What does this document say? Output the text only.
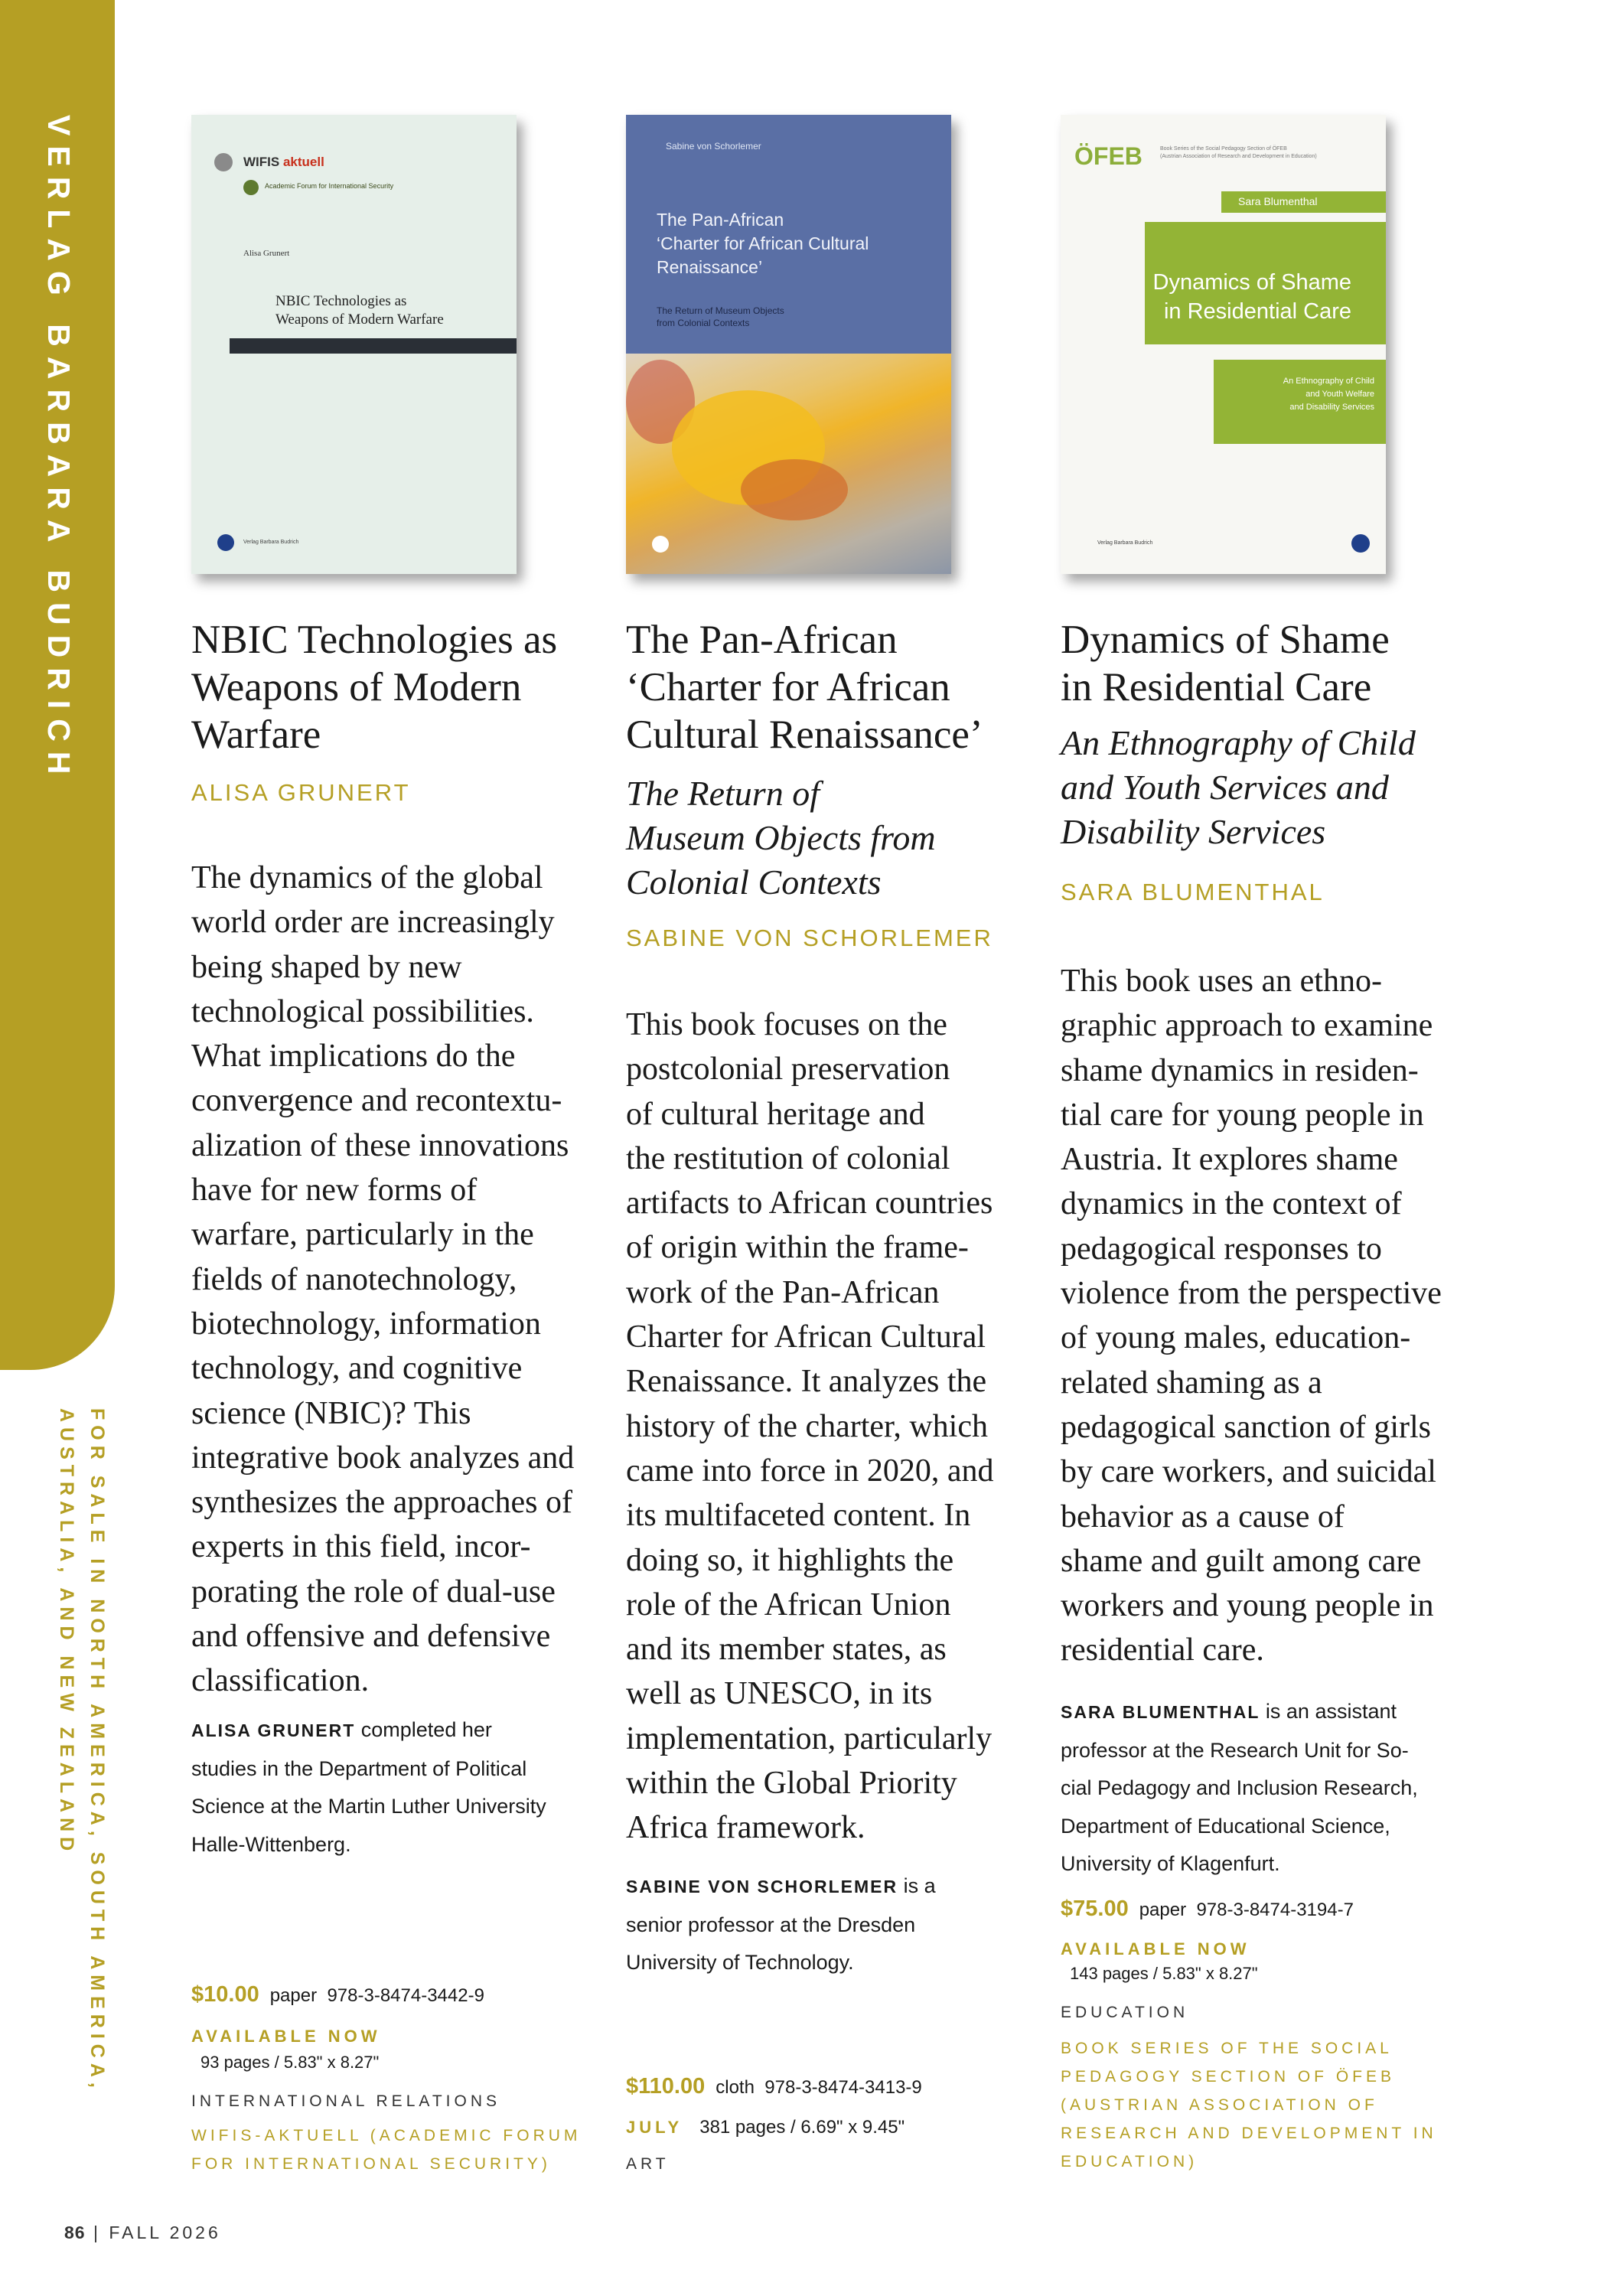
VERLAG BARBARA BUDRICH
FOR SALE IN NORTH AMERICA, SOUTH AMERICA,
AUSTRALIA, AND NEW ZEALAND
WIFIS aktuell
Academic Forum for International Security
Alisa Grunert
NBIC Technologies as
Weapons of Modern Warfare
Verlag Barbara Budrich
NBIC Technologies as
Weapons of Modern
Warfare
ALISA GRUNERT
The dynamics of the global
world order are increasingly
being shaped by new
technological possibilities.
What implications do the
convergence and recontextu-
alization of these innovations
have for new forms of
warfare, particularly in the
fields of nanotechnology,
biotechnology, information
technology, and cognitive
science (NBIC)? This
integrative book analyzes and
synthesizes the approaches of
experts in this field, incor-
porating the role of dual-use
and offensive and defensive
classification.
ALISA GRUNERT completed her
studies in the Department of Political
Science at the Martin Luther University
Halle-Wittenberg.
$10.00 paper 978-3-8474-3442-9
AVAILABLE NOW
93 pages / 5.83" x 8.27"
INTERNATIONAL RELATIONS
WIFIS-AKTUELL (ACADEMIC FORUM
FOR INTERNATIONAL SECURITY)
Sabine von Schorlemer
The Pan-African
‘Charter for African Cultural
Renaissance’
The Return of Museum Objects
from Colonial Contexts
The Pan-African
‘Charter for African
Cultural Renaissance’
The Return of
Museum Objects from
Colonial Contexts
SABINE VON SCHORLEMER
This book focuses on the
postcolonial preservation
of cultural heritage and
the restitution of colonial
artifacts to African countries
of origin within the frame-
work of the Pan-African
Charter for African Cultural
Renaissance. It analyzes the
history of the charter, which
came into force in 2020, and
its multifaceted content. In
doing so, it highlights the
role of the African Union
and its member states, as
well as UNESCO, in its
implementation, particularly
within the Global Priority
Africa framework.
SABINE VON SCHORLEMER is a
senior professor at the Dresden
University of Technology.
$110.00 cloth 978-3-8474-3413-9
JULY 381 pages / 6.69" x 9.45"
ART
ÖFEB	Book Series of the Social Pedagogy Section of ÖFEB
(Austrian Association of Research and Development in Education)
Sara Blumenthal
Dynamics of Shame
in Residential Care
An Ethnography of Child
and Youth Welfare
and Disability Services
Verlag Barbara Budrich
Dynamics of Shame
in Residential Care
An Ethnography of Child
and Youth Services and
Disability Services
SARA BLUMENTHAL
This book uses an ethno-
graphic approach to examine
shame dynamics in residen-
tial care for young people in
Austria. It explores shame
dynamics in the context of
pedagogical responses to
violence from the perspective
of young males, education-
related shaming as a
pedagogical sanction of girls
by care workers, and suicidal
behavior as a cause of
shame and guilt among care
workers and young people in
residential care.
SARA BLUMENTHAL is an assistant
professor at the Research Unit for So-
cial Pedagogy and Inclusion Research,
Department of Educational Science,
University of Klagenfurt.
$75.00 paper 978-3-8474-3194-7
AVAILABLE NOW
143 pages / 5.83" x 8.27"
EDUCATION
BOOK SERIES OF THE SOCIAL
PEDAGOGY SECTION OF ÖFEB
(AUSTRIAN ASSOCIATION OF
RESEARCH AND DEVELOPMENT IN
EDUCATION)
86 | FALL 2026
